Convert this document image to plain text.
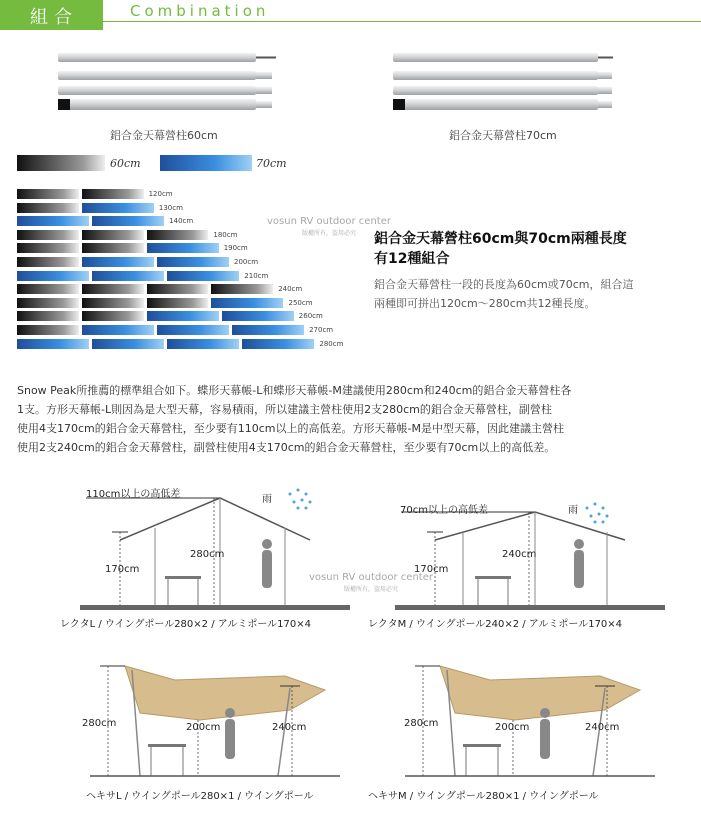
組合	Combination
鋁合金天幕營柱60cm	鋁合金天幕營柱70cm
60cm	70cm
120cm
130cm
140cm
180cm
190cm
200cm
210cm
240cm
250cm
260cm
270cm
280cm
vosun RV outdoor center
版權所有，盜用必究	鋁合金天幕營柱60cm與70cm兩種長度
有12種組合
鋁合金天幕營柱一段的長度為60cm或70cm，組合這
兩種即可拼出120cm～280cm共12種長度。
Snow Peak所推薦的標準組合如下。蝶形天幕帳-L和蝶形天幕帳-M建議使用280cm和240cm的鋁合金天幕營柱各
1支。方形天幕帳-L則因為是大型天幕，容易積雨，所以建議主營柱使用2支280cm的鋁合金天幕營柱，副營柱
使用4支170cm的鋁合金天幕營柱，至少要有110cm以上的高低差。方形天幕帳-M是中型天幕，因此建議主營柱
使用2支240cm的鋁合金天幕營柱，副營柱使用4支170cm的鋁合金天幕營柱，至少要有70cm以上的高低差。
110cm以上の高低差	雨
280cm
170cm
レクタL / ウイングポール280×2 / アルミポール170×4
70cm以上の高低差	雨
240cm
170cm
レクタM / ウイングポール240×2 / アルミポール170×4
vosun RV outdoor center
版權所有，盜用必究
280cm	200cm	240cm
ヘキサL / ウイングポール280×1 / ウイングポール
280cm	200cm	240cm
ヘキサM / ウイングポール280×1 / ウイングポール
